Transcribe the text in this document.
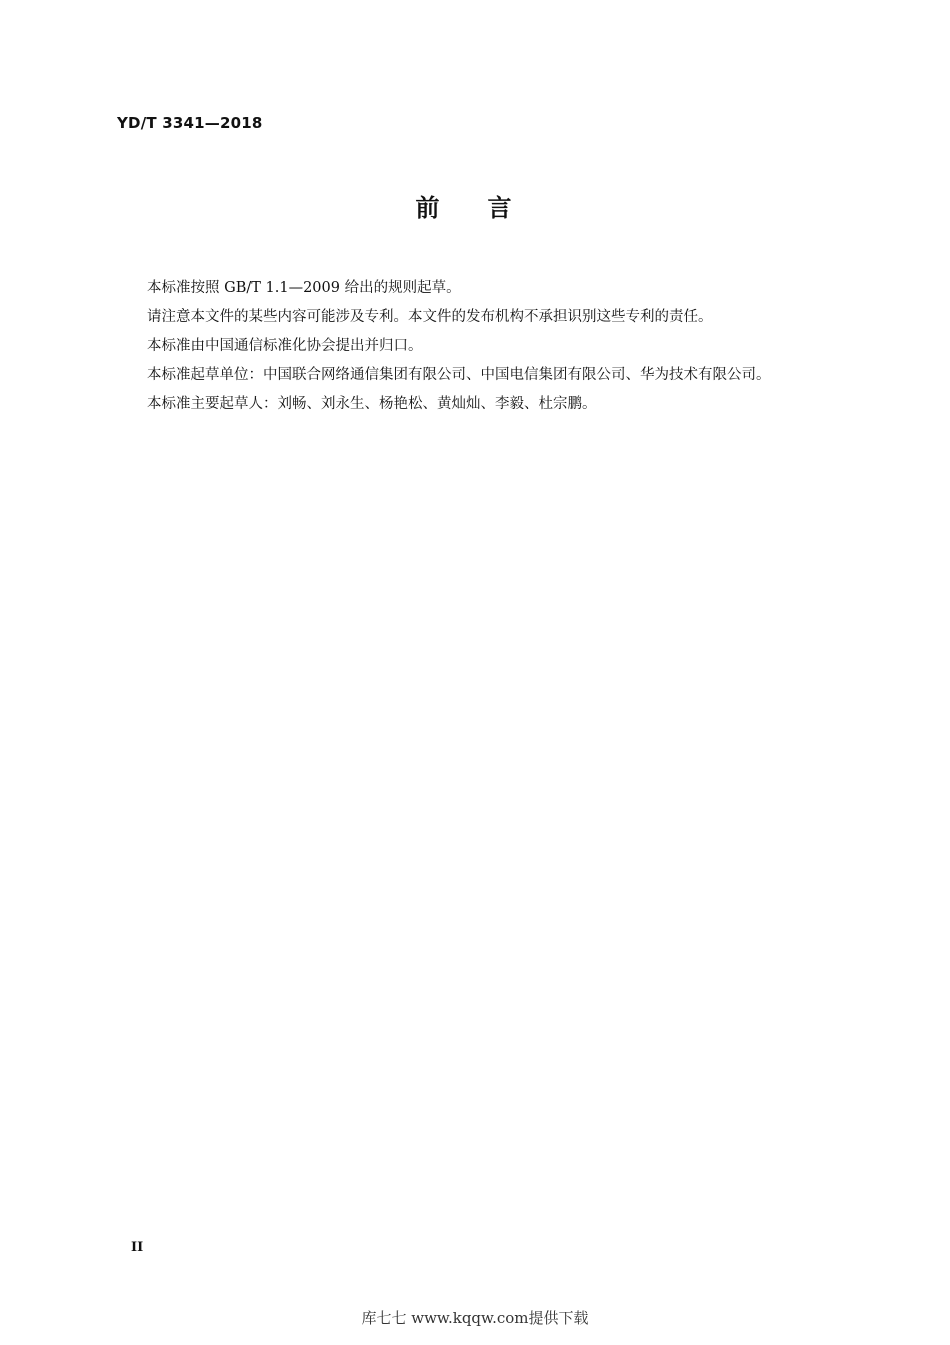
YD/T 3341—2018
前言
本标准按照 GB/T 1.1—2009 给出的规则起草。
请注意本文件的某些内容可能涉及专利。本文件的发布机构不承担识别这些专利的责任。
本标准由中国通信标准化协会提出并归口。
本标准起草单位：中国联合网络通信集团有限公司、中国电信集团有限公司、华为技术有限公司。
本标准主要起草人：刘畅、刘永生、杨艳松、黄灿灿、李毅、杜宗鹏。
II
库七七 www.kqqw.com提供下载
